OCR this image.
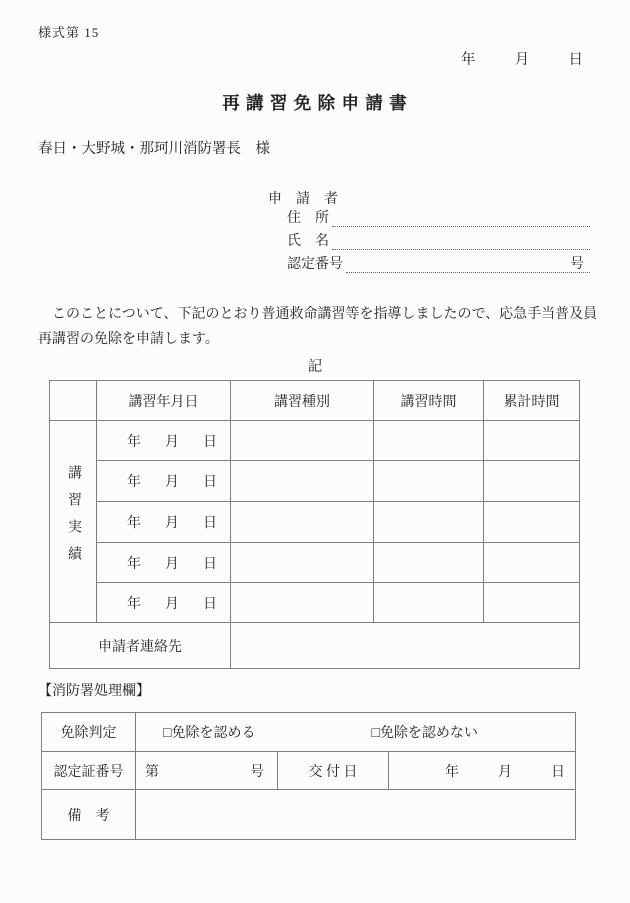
様式第 15
年	月	日
再 講 習 免 除 申 請 書
春日・大野城・那珂川消防署長　様
申　請　者
住　所
氏　名
認定番号	号
このことについて、下記のとおり普通救命講習等を指導しましたので、応急手当普及員
再講習の免除を申請します。
記
	講習年月日	講習種別	講習時間	累計時間
講習実績	年 月 日			

	年 月 日			

	年 月 日			

	年 月 日			

	年 月 日			

申請者連絡先				
【消防署処理欄】
免除判定	□免除を認める □免除を認めない		

認定証番号	第 号	交 付 日	年 月 日

備　考			
